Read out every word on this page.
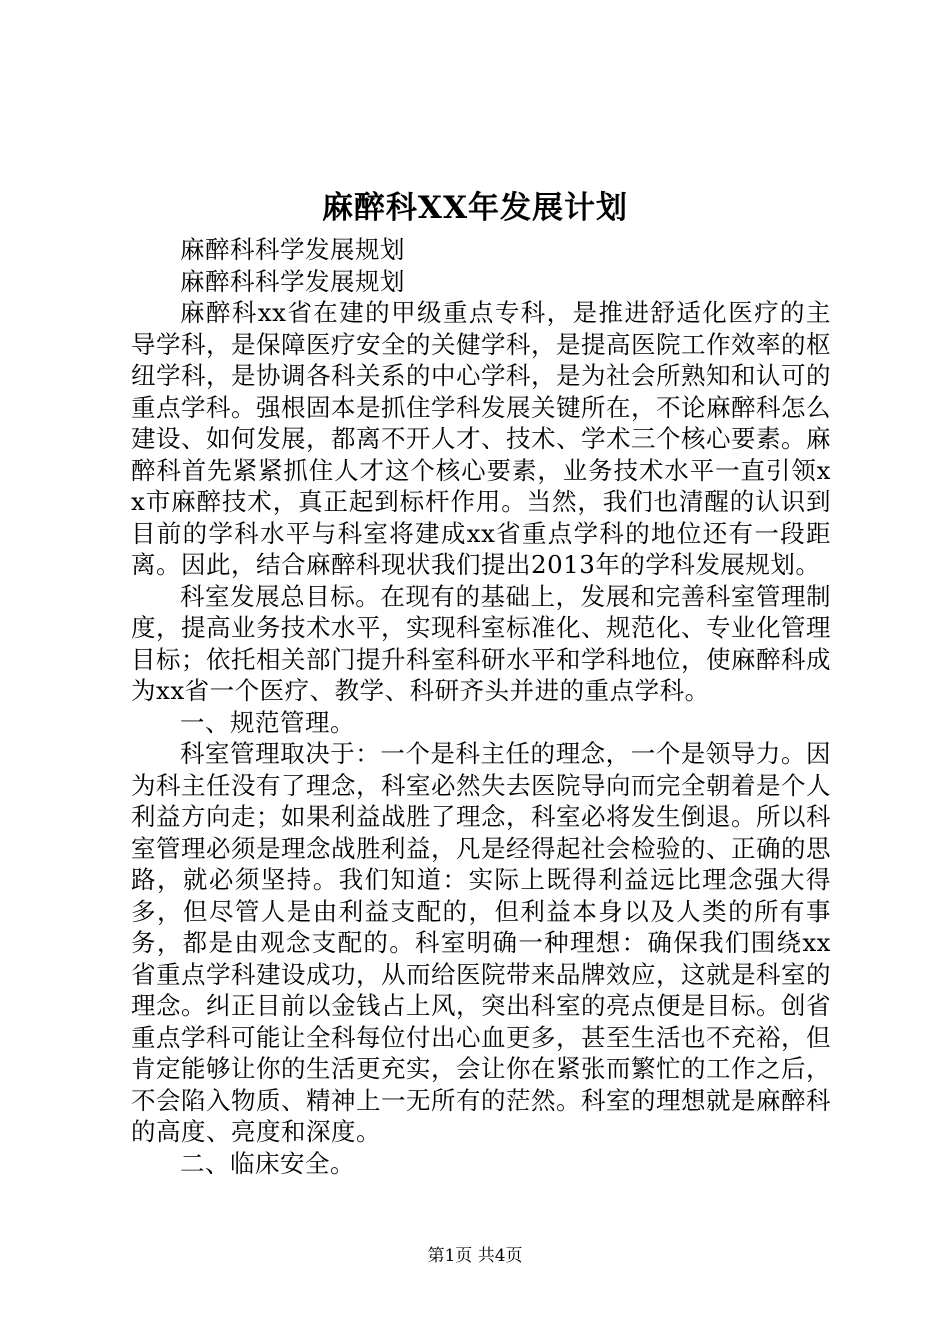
麻醉科XX年发展计划

麻醉科科学发展规划

麻醉科科学发展规划

麻醉科xx省在建的甲级重点专科，是推进舒适化医疗的主导学科，是保障医疗安全的关健学科，是提高医院工作效率的枢纽学科，是协调各科关系的中心学科，是为社会所熟知和认可的重点学科。强根固本是抓住学科发展关键所在，不论麻醉科怎么建设、如何发展，都离不开人才、技术、学术三个核心要素。麻醉科首先紧紧抓住人才这个核心要素，业务技术水平一直引领xx市麻醉技术，真正起到标杆作用。当然，我们也清醒的认识到目前的学科水平与科室将建成xx省重点学科的地位还有一段距离。因此，结合麻醉科现状我们提出2013年的学科发展规划。

科室发展总目标。在现有的基础上，发展和完善科室管理制度，提高业务技术水平，实现科室标准化、规范化、专业化管理目标；依托相关部门提升科室科研水平和学科地位，使麻醉科成为xx省一个医疗、教学、科研齐头并进的重点学科。

一、规范管理。

科室管理取决于：一个是科主任的理念，一个是领导力。因为科主任没有了理念，科室必然失去医院导向而完全朝着是个人利益方向走；如果利益战胜了理念，科室必将发生倒退。所以科室管理必须是理念战胜利益，凡是经得起社会检验的、正确的思路，就必须坚持。我们知道：实际上既得利益远比理念强大得多，但尽管人是由利益支配的，但利益本身以及人类的所有事务，都是由观念支配的。科室明确一种理想：确保我们围绕xx省重点学科建设成功，从而给医院带来品牌效应，这就是科室的理念。纠正目前以金钱占上风，突出科室的亮点便是目标。创省重点学科可能让全科每位付出心血更多，甚至生活也不充裕，但肯定能够让你的生活更充实，会让你在紧张而繁忙的工作之后，不会陷入物质、精神上一无所有的茫然。科室的理想就是麻醉科的高度、亮度和深度。

二、临床安全。

第1页 共4页
